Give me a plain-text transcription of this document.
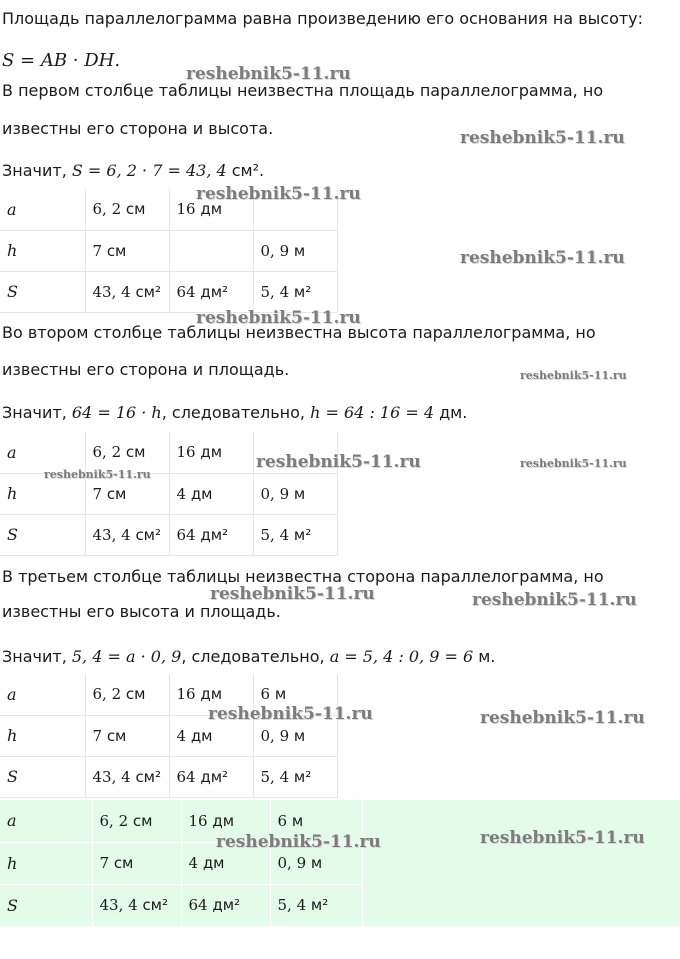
Площадь параллелограмма равна произведению его основания на высоту:
S = AB · DH.
В первом столбце таблицы неизвестна площадь параллелограмма, но
известны его сторона и высота.
Значит, S = 6, 2 · 7 = 43, 4 см².
a	6, 2 см	16 дм	
h	7 см		0, 9 м
S	43, 4 см²	64 дм²	5, 4 м²
Во втором столбце таблицы неизвестна высота параллелограмма, но
известны его сторона и площадь.
Значит, 64 = 16 · h, следовательно, h = 64 : 16 = 4 дм.
a	6, 2 см	16 дм	
h	7 см	4 дм	0, 9 м
S	43, 4 см²	64 дм²	5, 4 м²
В третьем столбце таблицы неизвестна сторона параллелограмма, но
известны его высота и площадь.
Значит, 5, 4 = a · 0, 9, следовательно, a = 5, 4 : 0, 9 = 6 м.
a	6, 2 см	16 дм	6 м
h	7 см	4 дм	0, 9 м
S	43, 4 см²	64 дм²	5, 4 м²
a	6, 2 см	16 дм	6 м
h	7 см	4 дм	0, 9 м
S	43, 4 см²	64 дм²	5, 4 м²
reshebnik5-11.ru
reshebnik5-11.ru
reshebnik5-11.ru
reshebnik5-11.ru
reshebnik5-11.ru
reshebnik5-11.ru
reshebnik5-11.ru
reshebnik5-11.ru
reshebnik5-11.ru
reshebnik5-11.ru	reshebnik5-11.ru
reshebnik5-11.ru	reshebnik5-11.ru
reshebnik5-11.ru	reshebnik5-11.ru
